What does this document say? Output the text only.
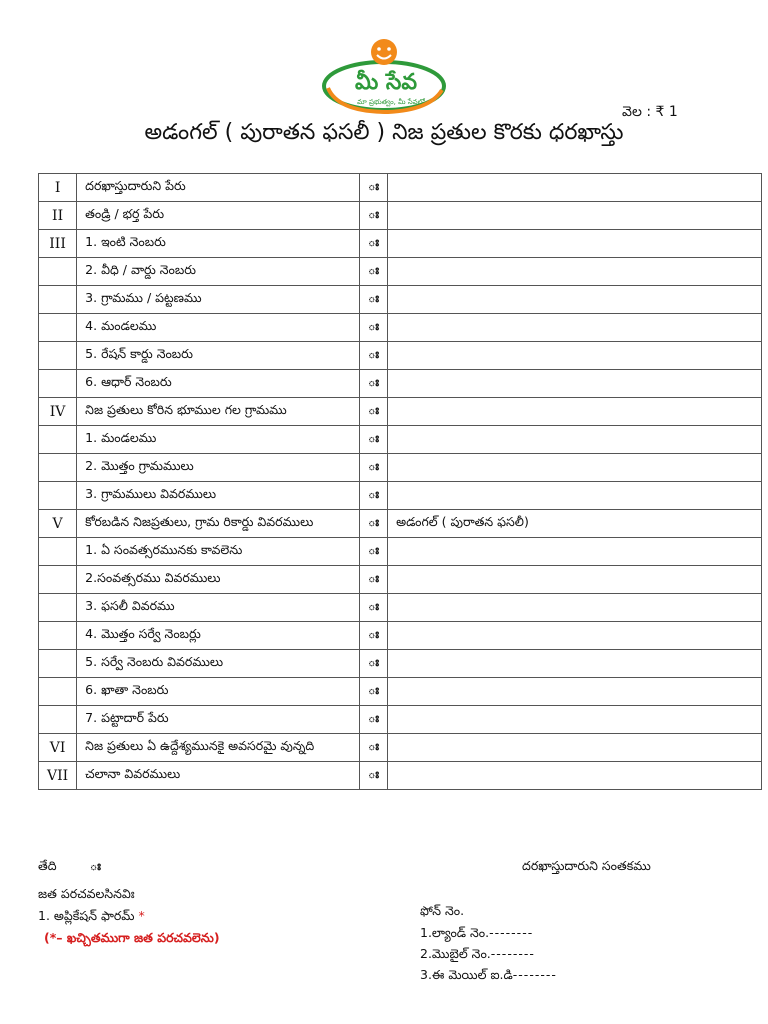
మీ సేవ
మా ప్రభుత్వం, మీ సేవలో
వెల : ₹ 1
అడంగల్ ( పురాతన ఫసలీ ) నిజ ప్రతుల కొరకు ధరఖాస్తు
I	దరఖాస్తుదారుని పేరు	ః	
II	తండ్రి / భర్త పేరు	ః	
III	1. ఇంటి నెంబరు	ః	
	2. వీధి / వార్డు నెంబరు	ః	
	3. గ్రామము / పట్టణము	ః	
	4. మండలము	ః	
	5. రేషన్ కార్డు నెంబరు	ః	
	6. ఆధార్ నెంబరు	ః	
IV	నిజ ప్రతులు కోరిన భూముల గల గ్రామము	ః	
	1. మండలము	ః	
	2. మొత్తం గ్రామములు	ః	
	3. గ్రామములు వివరములు	ః	
V	కోరబడిన నిజప్రతులు, గ్రామ రికార్డు వివరములు	ః	అడంగల్ ( పురాతన ఫసలీ)
	1. ఏ సంవత్సరమునకు కావలెను	ః	
	2.సంవత్సరము వివరములు	ః	
	3. ఫసలీ వివరము	ః	
	4. మొత్తం సర్వే నెంబర్లు	ః	
	5. సర్వే నెంబరు వివరములు	ః	
	6. ఖాతా నెంబరు	ః	
	7. పట్టాదార్ పేరు	ః	
VI	నిజ ప్రతులు ఏ ఉద్దేశ్యమునకై అవసరమై వున్నది	ః	
VII	చలానా వివరములు	ః	
తేది	ః	దరఖాస్తుదారుని సంతకము
జత పరచవలసినవిః
1. అప్లికేషన్ ఫారమ్ *
(*– ఖచ్చితముగా జత పరచవలెను)
ఫోన్ నెం.
1.ల్యాండ్ నెం.--------
2.మొబైల్ నెం.--------
3.ఈ మెయిల్ ఐ.డి--------
